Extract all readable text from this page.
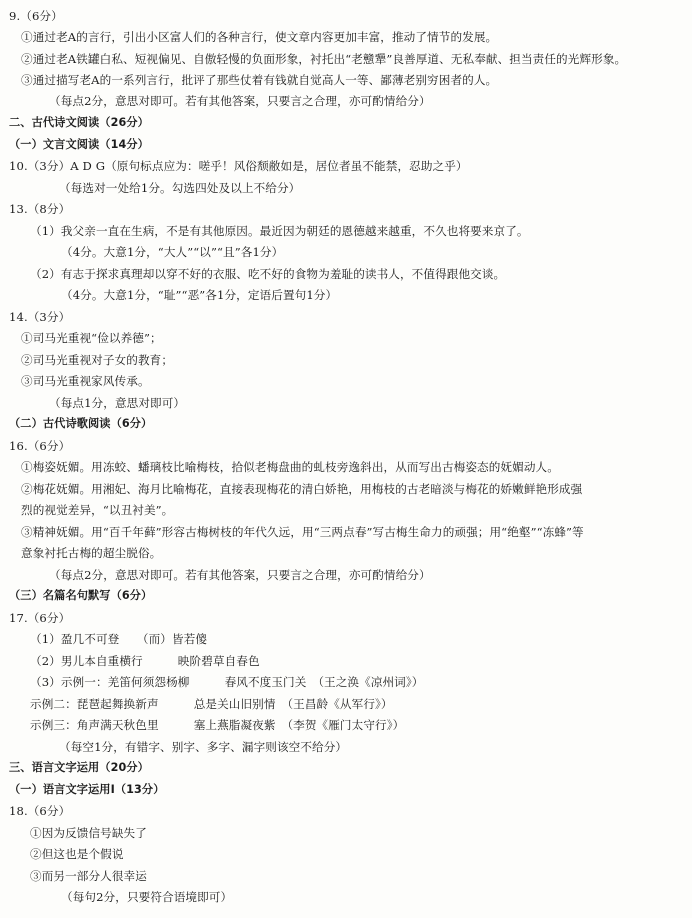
9.（6分）
①通过老A的言行，引出小区富人们的各种言行，使文章内容更加丰富，推动了情节的发展。
②通过老A铁罐白私、短视偏见、自傲轻慢的负面形象，衬托出“老戆犟”良善厚道、无私奉献、担当责任的光辉形象。
③通过描写老A的一系列言行，批评了那些仗着有钱就自觉高人一等、鄙薄老别穷困者的人。
（每点2分，意思对即可。若有其他答案，只要言之合理，亦可酌情给分）
二、古代诗文阅读（26分）
（一）文言文阅读（14分）
10.（3分）A D G（原句标点应为：嗟乎！风俗颓敝如是，居位者虽不能禁，忍助之乎）
（每选对一处给1分。勾选四处及以上不给分）
13.（8分）
（1）我父亲一直在生病，不是有其他原因。最近因为朝廷的恩德越来越重，不久也将要来京了。
（4分。大意1分，“大人”“以”“且”各1分）
（2）有志于探求真理却以穿不好的衣服、吃不好的食物为羞耻的读书人，不值得跟他交谈。
（4分。大意1分，“耻”“恶”各1分，定语后置句1分）
14.（3分）
①司马光重视“俭以养德”；
②司马光重视对子女的教育；
③司马光重视家风传承。
（每点1分，意思对即可）
（二）古代诗歌阅读（6分）
16.（6分）
①梅姿妩媚。用冻蛟、蟠璃枝比喻梅枝，拾似老梅盘曲的虬枝旁逸斜出，从而写出古梅姿态的妩媚动人。
②梅花妩媚。用湘妃、海月比喻梅花，直接表现梅花的清白娇艳，用梅枝的古老暗淡与梅花的娇嫩鲜艳形成强
烈的视觉差异，“以丑衬美”。
③精神妩媚。用“百千年藓”形容古梅树枝的年代久远，用“三两点春”写古梅生命力的顽强；用“绝壑”“冻蜂”等
意象衬托古梅的超尘脱俗。
（每点2分，意思对即可。若有其他答案，只要言之合理，亦可酌情给分）
（三）名篇名句默写（6分）
17.（6分）
（1）盈几不可登　　（而）皆若傻
（2）男儿本自重横行　　　映阶碧草自春色
（3）示例一：羌笛何须怨杨柳　　　春风不度玉门关　（王之涣《凉州词》）
示例二：琵琶起舞换新声　　　总是关山旧别情　（王昌龄《从军行》）
示例三：角声满天秋色里　　　塞上燕脂凝夜紫　（李贺《雁门太守行》）
（每空1分，有错字、别字、多字、漏字则该空不给分）
三、语言文字运用（20分）
（一）语言文字运用Ⅰ（13分）
18.（6分）
①因为反馈信号缺失了
②但这也是个假说
③而另一部分人很幸运
（每句2分，只要符合语境即可）
